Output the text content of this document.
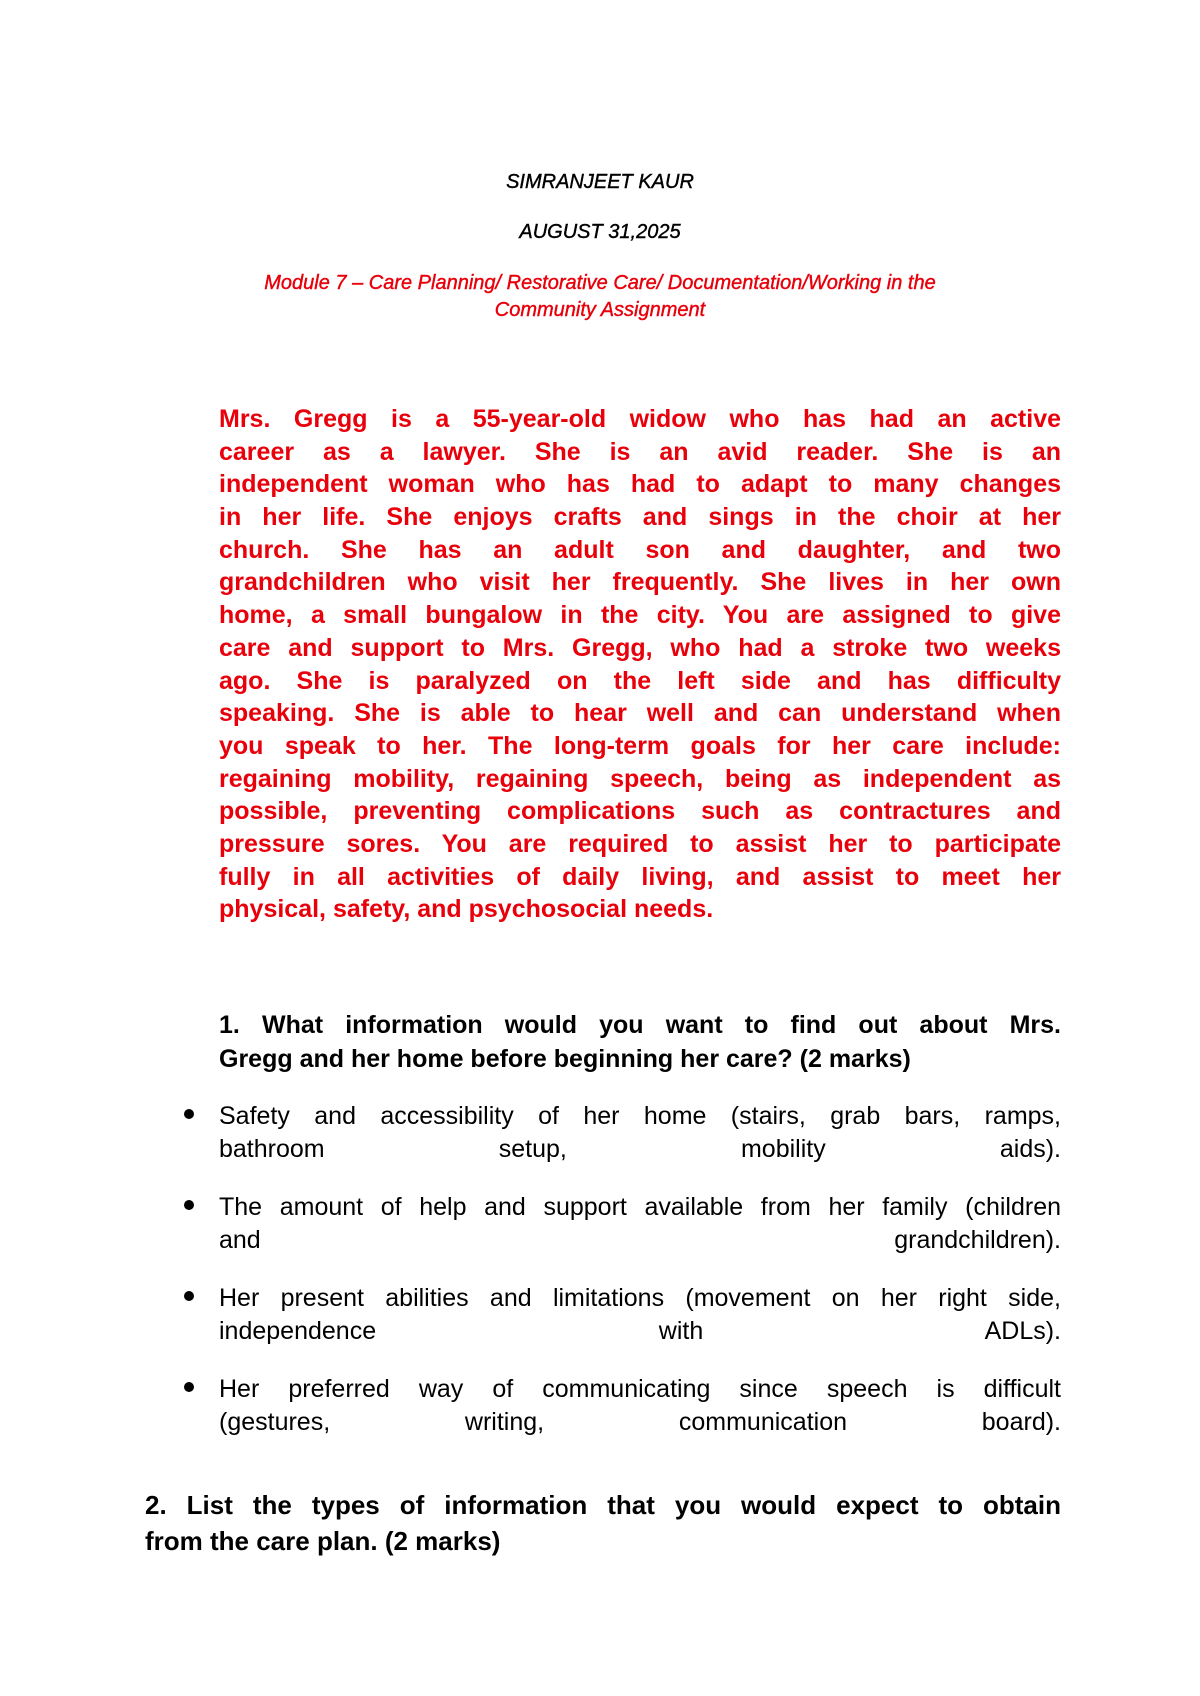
SIMRANJEET KAUR
AUGUST 31,2025
Module 7 – Care Planning/ Restorative Care/ Documentation/Working in the
Community Assignment
Mrs. Gregg is a 55-year-old widow who has had an active
career as a lawyer. She is an avid reader. She is an
independent woman who has had to adapt to many changes
in her life. She enjoys crafts and sings in the choir at her
church. She has an adult son and daughter, and two
grandchildren who visit her frequently. She lives in her own
home, a small bungalow in the city. You are assigned to give
care and support to Mrs. Gregg, who had a stroke two weeks
ago. She is paralyzed on the left side and has difficulty
speaking. She is able to hear well and can understand when
you speak to her. The long-term goals for her care include:
regaining mobility, regaining speech, being as independent as
possible, preventing complications such as contractures and
pressure sores. You are required to assist her to participate
fully in all activities of daily living, and assist to meet her
physical, safety, and psychosocial needs.
1. What information would you want to find out about Mrs.
Gregg and her home before beginning her care? (2 marks)
Safety and accessibility of her home (stairs, grab bars, ramps,
bathroom setup, mobility aids).
The amount of help and support available from her family (children
and grandchildren).
Her present abilities and limitations (movement on her right side,
independence with ADLs).
Her preferred way of communicating since speech is difficult
(gestures, writing, communication board).
2. List the types of information that you would expect to obtain
from the care plan. (2 marks)
